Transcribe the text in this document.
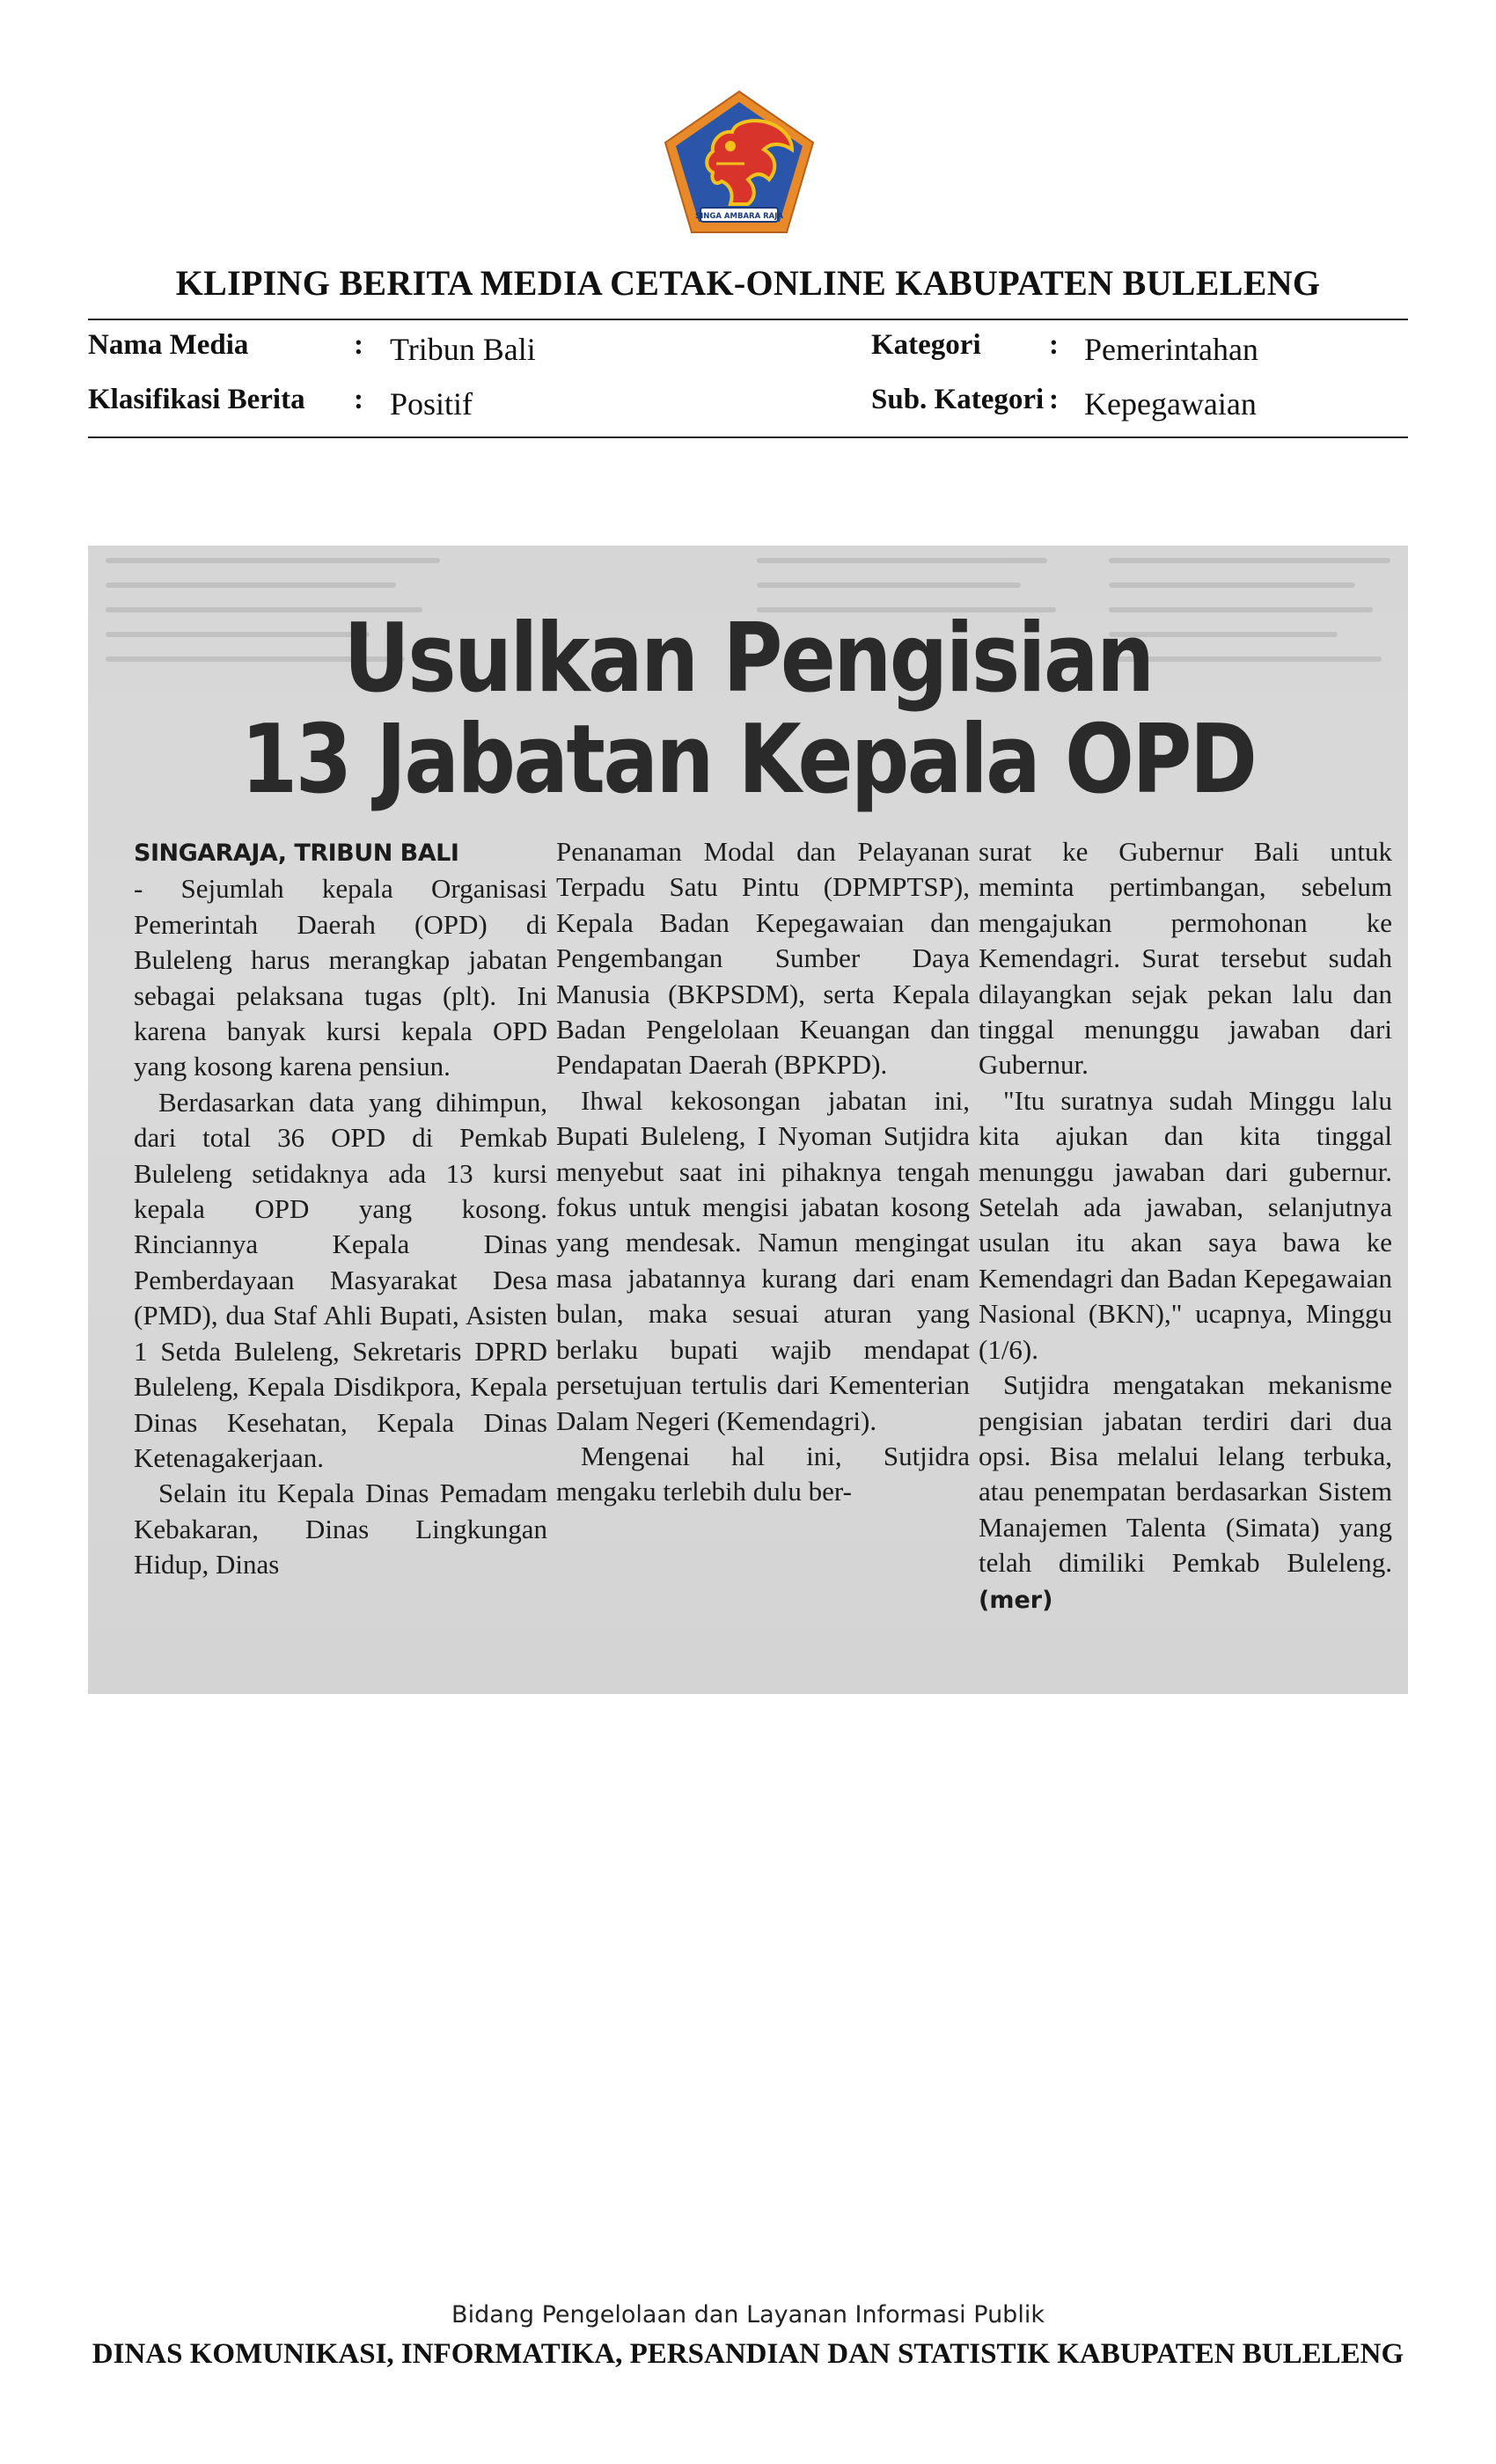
SINGA AMBARA RAJA
KLIPING BERITA MEDIA CETAK-ONLINE KABUPATEN BULELENG
Nama Media	: Tribun Bali	Kategori : Pemerintahan
Klasifikasi Berita : Positif	Sub. Kategori : Kepegawaian
Usulkan Pengisian
13 Jabatan Kepala OPD

SINGARAJA, TRIBUN BALI
- Sejumlah kepala Organisasi Pemerintah Daerah (OPD) di Buleleng harus merangkap jabatan sebagai pelaksana tugas (plt). Ini karena banyak kursi kepala OPD yang kosong karena pensiun.

Berdasarkan data yang dihimpun, dari total 36 OPD di Pemkab Buleleng setidaknya ada 13 kursi kepala OPD yang kosong. Rinciannya Kepala Dinas Pemberdayaan Masyarakat Desa (PMD), dua Staf Ahli Bupati, Asisten 1 Setda Buleleng, Sekretaris DPRD Buleleng, Kepala Disdikpora, Kepala Dinas Kesehatan, Kepala Dinas Ketenagakerjaan.

Selain itu Kepala Dinas Pemadam Kebakaran, Dinas Lingkungan Hidup, Dinas

Penanaman Modal dan Pelayanan Terpadu Satu Pintu (DPMPTSP), Kepala Badan Kepegawaian dan Pengembangan Sumber Daya Manusia (BKPSDM), serta Kepala Badan Pengelolaan Keuangan dan Pendapatan Daerah (BPKPD).

Ihwal kekosongan jabatan ini, Bupati Buleleng, I Nyoman Sutjidra menyebut saat ini pihaknya tengah fokus untuk mengisi jabatan kosong yang mendesak. Namun mengingat masa jabatannya kurang dari enam bulan, maka sesuai aturan yang berlaku bupati wajib mendapat persetujuan tertulis dari Kementerian Dalam Negeri (Kemendagri).

Mengenai hal ini, Sutjidra mengaku terlebih dulu ber-

surat ke Gubernur Bali untuk meminta pertimbangan, sebelum mengajukan permohonan ke Kemendagri. Surat tersebut sudah dilayangkan sejak pekan lalu dan tinggal menunggu jawaban dari Gubernur.

"Itu suratnya sudah Minggu lalu kita ajukan dan kita tinggal menunggu jawaban dari gubernur. Setelah ada jawaban, selanjutnya usulan itu akan saya bawa ke Kemendagri dan Badan Kepegawaian Nasional (BKN)," ucapnya, Minggu (1/6).

Sutjidra mengatakan mekanisme pengisian jabatan terdiri dari dua opsi. Bisa melalui lelang terbuka, atau penempatan berdasarkan Sistem Manajemen Talenta (Simata) yang telah dimiliki Pemkab Buleleng. (mer)

Bidang Pengelolaan dan Layanan Informasi Publik
DINAS KOMUNIKASI, INFORMATIKA, PERSANDIAN DAN STATISTIK KABUPATEN BULELENG
